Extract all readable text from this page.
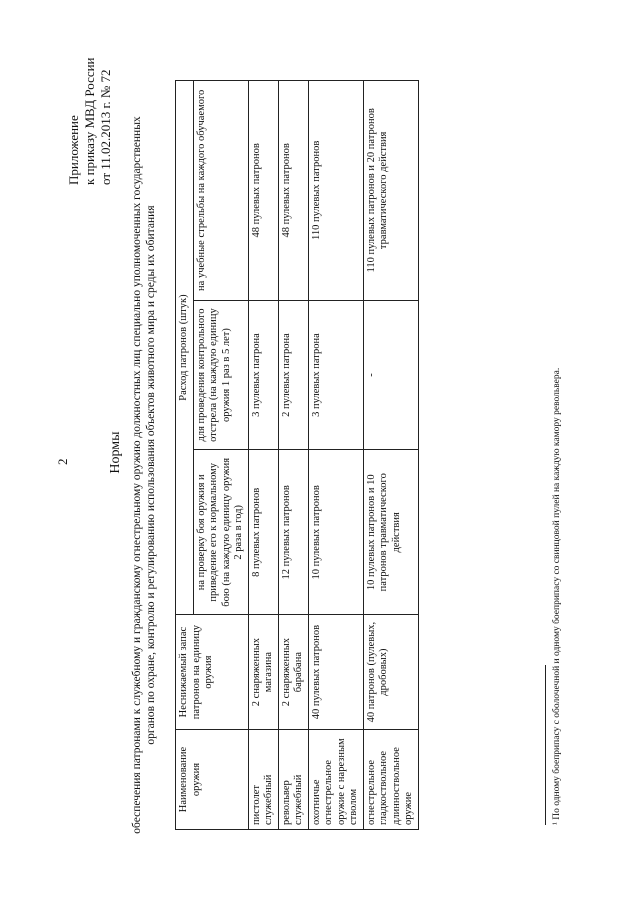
2
Приложение к приказу МВД России от 11.02.2013 г. № 72
Нормы обеспечения патронами к служебному и гражданскому огнестрельному оружию должностных лиц специально уполномоченных государственных органов по охране, контролю и регулированию использования объектов животного мира и среды их обитания
Наименование оружия	Неснижаемый запас патронов на единицу оружия	Расход патронов (штук)		
		на проверку боя оружия и приведение его к нормальному бою (на каждую единицу оружия 2 раза в год)	для проведения контрольного отстрела (на каждую единицу оружия 1 раз в 5 лет)	на учебные стрельбы на каждого обучаемого
пистолет служебный	2 снаряженных магазина	8 пулевых патронов	3 пулевых патрона	48 пулевых патронов
револьвер служебный	2 снаряженных барабана	12 пулевых патронов	2 пулевых патрона	48 пулевых патронов
охотничье огнестрельное оружие с нарезным стволом	40 пулевых патронов	10 пулевых патронов	3 пулевых патрона	110 пулевых патронов
огнестрельное гладкоствольное длинноствольное оружие	40 патронов (пулевых, дробовых)	10 пулевых патронов и 10 патронов травматического действия	-	110 пулевых патронов и 20 патронов травматического действия
¹ По одному боеприпасу с оболочечной и одному боеприпасу со свинцовой пулей на каждую камору револьвера.
